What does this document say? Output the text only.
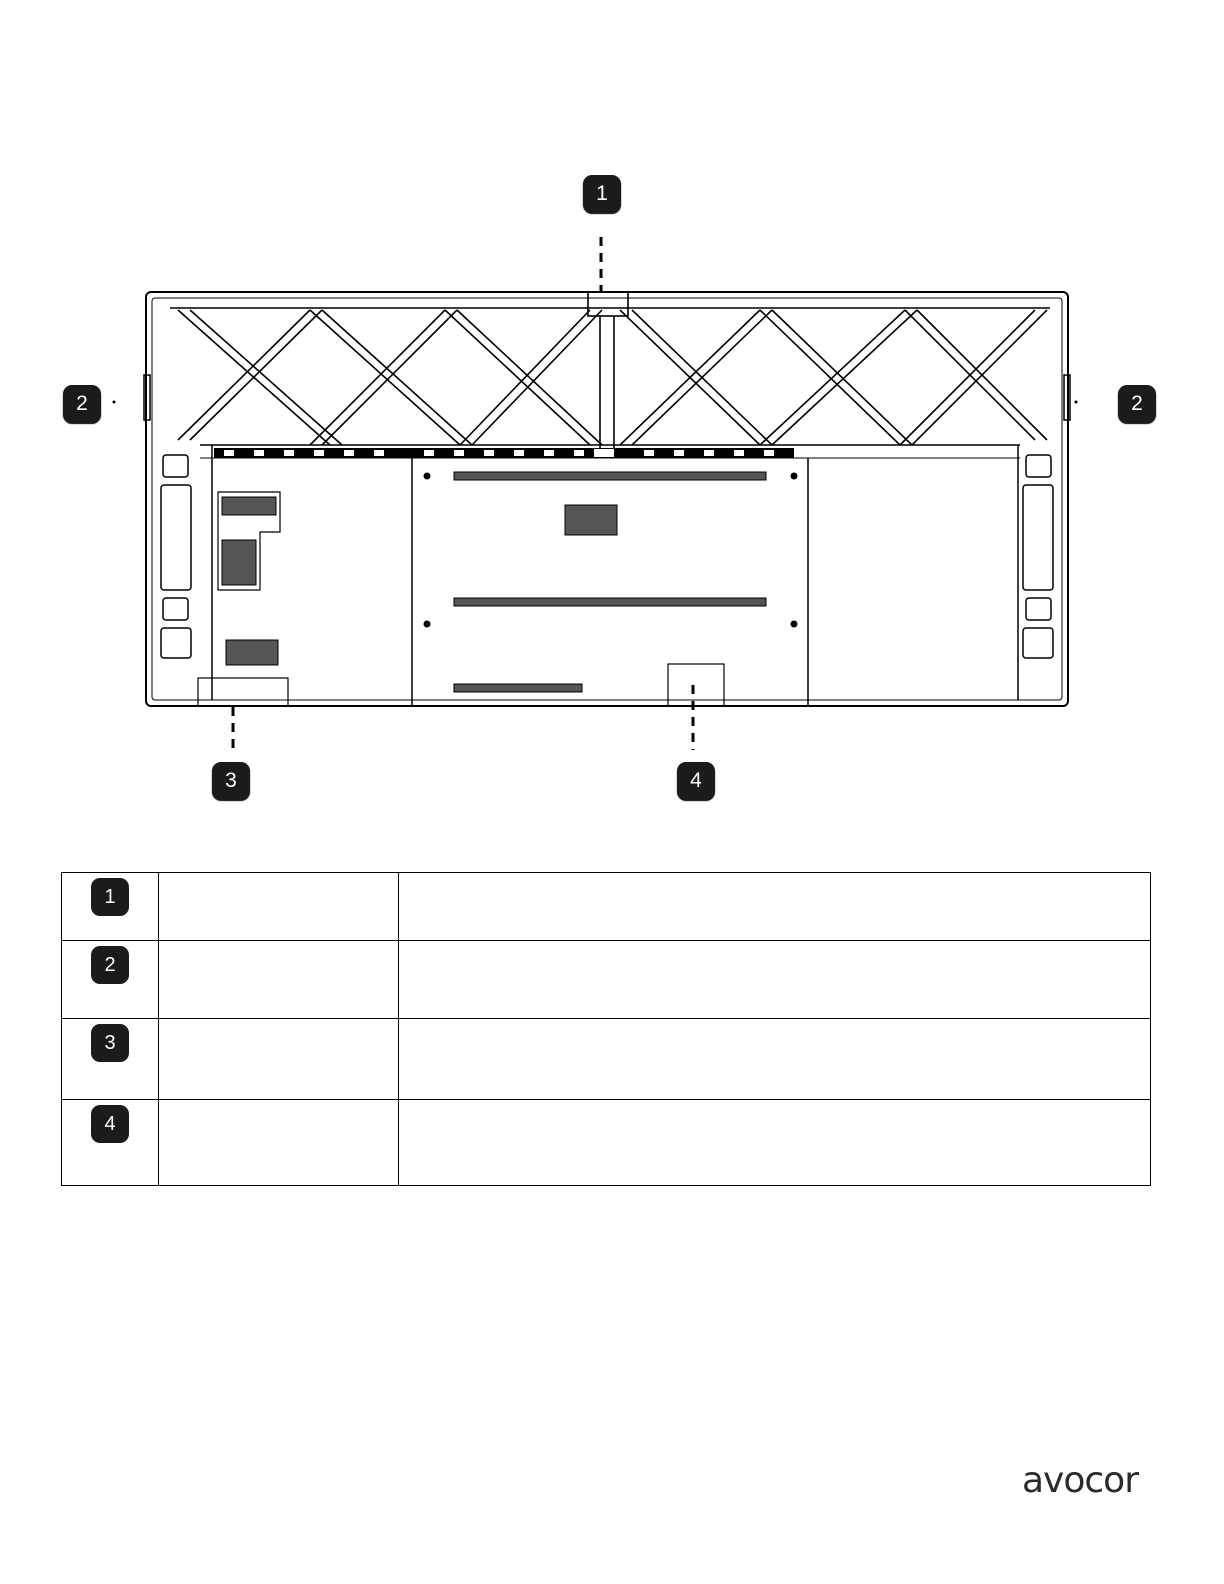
1
2	2
3	4
1		

2		

3		

4		

avocor
